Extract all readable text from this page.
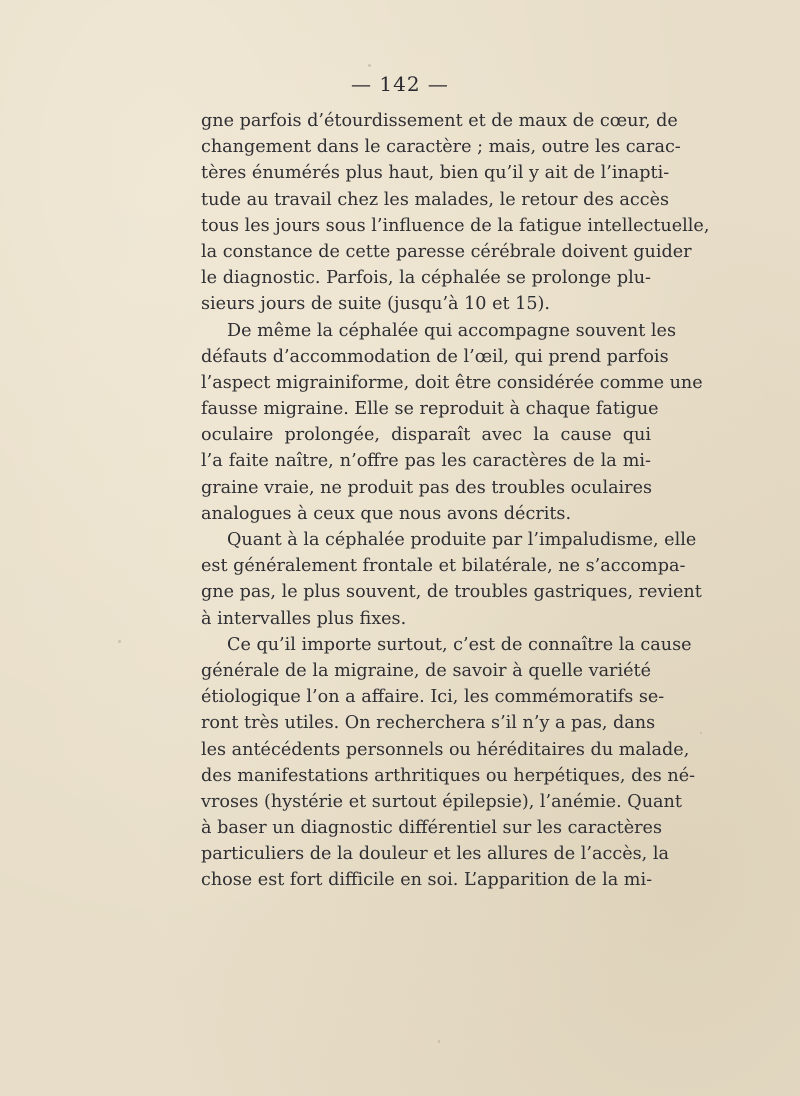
— 142 —
gne parfois d’étourdissement et de maux de cœur, de
changement dans le caractère ; mais, outre les carac-
tères énumérés plus haut, bien qu’il y ait de l’inapti-
tude au travail chez les malades, le retour des accès
tous les jours sous l’influence de la fatigue intellectuelle,
la constance de cette paresse cérébrale doivent guider
le diagnostic. Parfois, la céphalée se prolonge plu-
sieurs jours de suite (jusqu’à 10 et 15).
De même la céphalée qui accompagne souvent les
défauts d’accommodation de l’œil, qui prend parfois
l’aspect migrainiforme, doit être considérée comme une
fausse migraine. Elle se reproduit à chaque fatigue
oculaire prolongée, disparaît avec la cause qui
l’a faite naître, n’offre pas les caractères de la mi-
graine vraie, ne produit pas des troubles oculaires
analogues à ceux que nous avons décrits.
Quant à la céphalée produite par l’impaludisme, elle
est généralement frontale et bilatérale, ne s’accompa-
gne pas, le plus souvent, de troubles gastriques, revient
à intervalles plus fixes.
Ce qu’il importe surtout, c’est de connaître la cause
générale de la migraine, de savoir à quelle variété
étiologique l’on a affaire. Ici, les commémoratifs se-
ront très utiles. On recherchera s’il n’y a pas, dans
les antécédents personnels ou héréditaires du malade,
des manifestations arthritiques ou herpétiques, des né-
vroses (hystérie et surtout épilepsie), l’anémie. Quant
à baser un diagnostic différentiel sur les caractères
particuliers de la douleur et les allures de l’accès, la
chose est fort difficile en soi. L’apparition de la mi-
